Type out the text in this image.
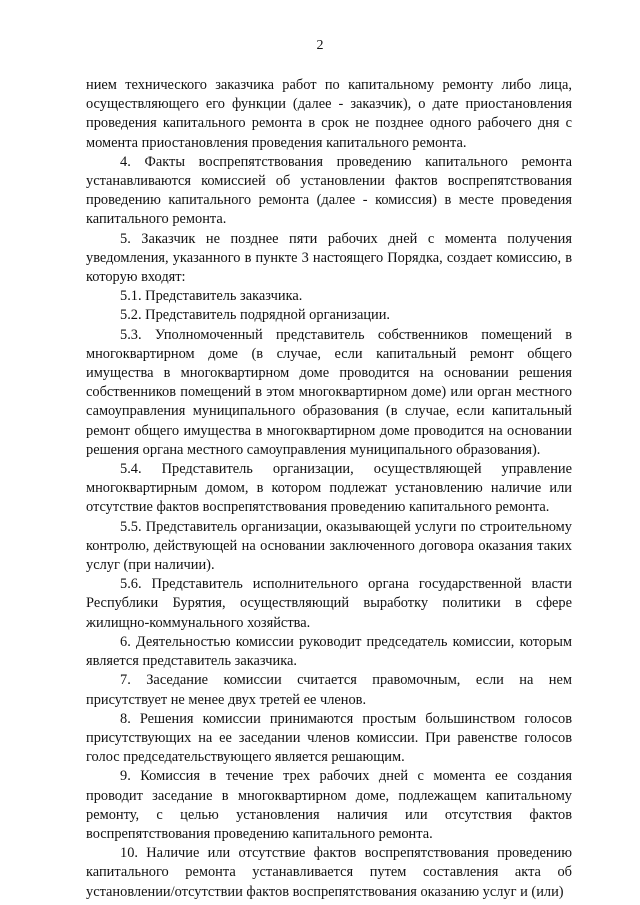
2

нием технического заказчика работ по капитальному ремонту либо лица, осуществляющего его функции (далее - заказчик), о дате приостановления проведения капитального ремонта в срок не позднее одного рабочего дня с момента приостановления проведения капитального ремонта.

4. Факты воспрепятствования проведению капитального ремонта устанавливаются комиссией об установлении фактов воспрепятствования проведению капитального ремонта (далее - комиссия) в месте проведения капитального ремонта.

5. Заказчик не позднее пяти рабочих дней с момента получения уведомления, указанного в пункте 3 настоящего Порядка, создает комиссию, в которую входят:

5.1. Представитель заказчика.

5.2. Представитель подрядной организации.

5.3. Уполномоченный представитель собственников помещений в многоквартирном доме (в случае, если капитальный ремонт общего имущества в многоквартирном доме проводится на основании решения собственников помещений в этом многоквартирном доме) или орган местного самоуправления муниципального образования (в случае, если капитальный ремонт общего имущества в многоквартирном доме проводится на основании решения органа местного самоуправления муниципального образования).

5.4. Представитель организации, осуществляющей управление многоквартирным домом, в котором подлежат установлению наличие или отсутствие фактов воспрепятствования проведению капитального ремонта.

5.5. Представитель организации, оказывающей услуги по строительному контролю, действующей на основании заключенного договора оказания таких услуг (при наличии).

5.6. Представитель исполнительного органа государственной власти Республики Бурятия, осуществляющий выработку политики в сфере жилищно-коммунального хозяйства.

6. Деятельностью комиссии руководит председатель комиссии, которым является представитель заказчика.

7. Заседание комиссии считается правомочным, если на нем присутствует не менее двух третей ее членов.

8. Решения комиссии принимаются простым большинством голосов присутствующих на ее заседании членов комиссии. При равенстве голосов голос председательствующего является решающим.

9. Комиссия в течение трех рабочих дней с момента ее создания проводит заседание в многоквартирном доме, подлежащем капитальному ремонту, с целью установления наличия или отсутствия фактов воспрепятствования проведению капитального ремонта.

10. Наличие или отсутствие фактов воспрепятствования проведению капитального ремонта устанавливается путем составления акта об установлении/отсутствии фактов воспрепятствования оказанию услуг и (или)
